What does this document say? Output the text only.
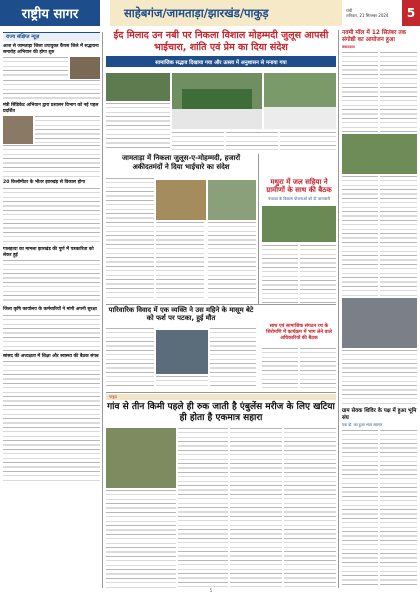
राष्ट्रीय सागर	साहेबगंज/जामताड़ा/झारखंड/पाकुड़	रांची
शनिवार, 21 सितम्बर 2024	5
राज्य संक्षिप्त न्यूज़
आज से जामताड़ा जिला उपायुक्त कैंपस जिले में सद्भावना समारोह अभियान की होगा शुरु
मंत्री सिंडिकेट अभियान द्वारा प्रशासन विभाग को नई पहल प्रदर्शित
20 किलोमीटर के भीतर झारखंड़ से विकास होगा
गालहत्या का मामला झारखंड की पूर्ण में पत्रकारिता को लेकर हुई
जिला कृषि कार्यालय के कर्मचारियों ने मांगी अपनी सुरक्षा
सांसद की अध्यक्षता में शिक्षा और स्वास्थ्य की बैठक संपन्न
ईद मिलाद उन नबी पर निकला विशाल मोहम्मदी जुलूस आपसी भाईचारा, शांति एवं प्रेम का दिया संदेश
सामाजिक सद्भाव दिखाया गया और उत्सव में अनुशासन से मनाया गया
जामताड़ा में निकला जुलूस-ए-मोहम्मदी, हजारों अकीदतमंदों ने दिया भाईचारे का संदेश
मथुरा में जल सहिया ने ग्रामीणों के साथ की बैठक
पंचायत के विकास योजनाओं को दी जानकारी
पारिवारिक विवाद में एक व्यक्ति ने उस महिने के मासूम बेटे को फर्श पर पटका, हुई मौत
साथ एवं सामाजिक संगठन रथ के शिरोमणि में कार्यक्रम में भाग लेने वाले अधिकारियों की बैठक
पाकुड़
गांव से तीन किमी पहले ही रुक जाती है एंबुलेंस मरीज के लिए खटिया ही होता है एकमात्र सहारा
नवमी मॉल में 12 सितंबर तक संगोष्ठी का आयोजन हुआ
संवाददाता
ग्राम सेवक शिविर के पक्ष में हुआ भूमि संघ
एक डॉ. का हुआ भव्य स्वागत
5
